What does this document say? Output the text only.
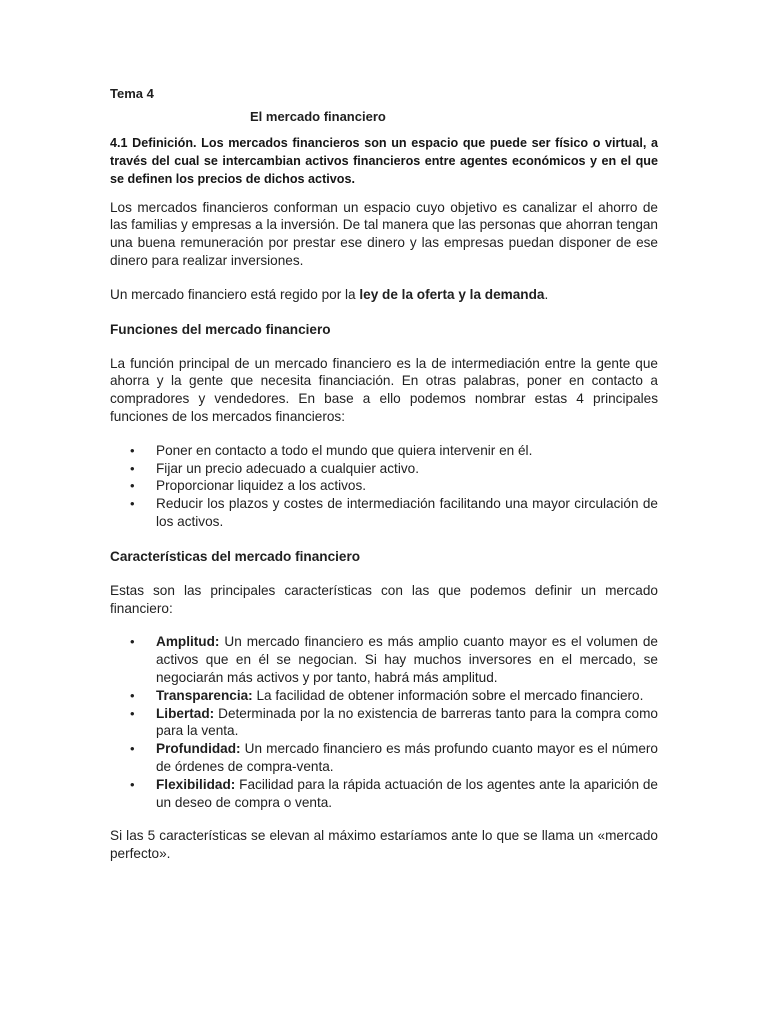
Tema 4

El mercado financiero

4.1 Definición. Los mercados financieros son un espacio que puede ser físico o virtual, a través del cual se intercambian activos financieros entre agentes económicos y en el que se definen los precios de dichos activos.

Los mercados financieros conforman un espacio cuyo objetivo es canalizar el ahorro de las familias y empresas a la inversión. De tal manera que las personas que ahorran tengan una buena remuneración por prestar ese dinero y las empresas puedan disponer de ese dinero para realizar inversiones.

Un mercado financiero está regido por la ley de la oferta y la demanda.

Funciones del mercado financiero

La función principal de un mercado financiero es la de intermediación entre la gente que ahorra y la gente que necesita financiación. En otras palabras, poner en contacto a compradores y vendedores. En base a ello podemos nombrar estas 4 principales funciones de los mercados financieros:

• Poner en contacto a todo el mundo que quiera intervenir en él.
• Fijar un precio adecuado a cualquier activo.
• Proporcionar liquidez a los activos.
• Reducir los plazos y costes de intermediación facilitando una mayor circulación de los activos.

Características del mercado financiero

Estas son las principales características con las que podemos definir un mercado financiero:

• Amplitud: Un mercado financiero es más amplio cuanto mayor es el volumen de activos que en él se negocian. Si hay muchos inversores en el mercado, se negociarán más activos y por tanto, habrá más amplitud.
• Transparencia: La facilidad de obtener información sobre el mercado financiero.
• Libertad: Determinada por la no existencia de barreras tanto para la compra como para la venta.
• Profundidad: Un mercado financiero es más profundo cuanto mayor es el número de órdenes de compra-venta.
• Flexibilidad: Facilidad para la rápida actuación de los agentes ante la aparición de un deseo de compra o venta.

Si las 5 características se elevan al máximo estaríamos ante lo que se llama un «mercado perfecto».
